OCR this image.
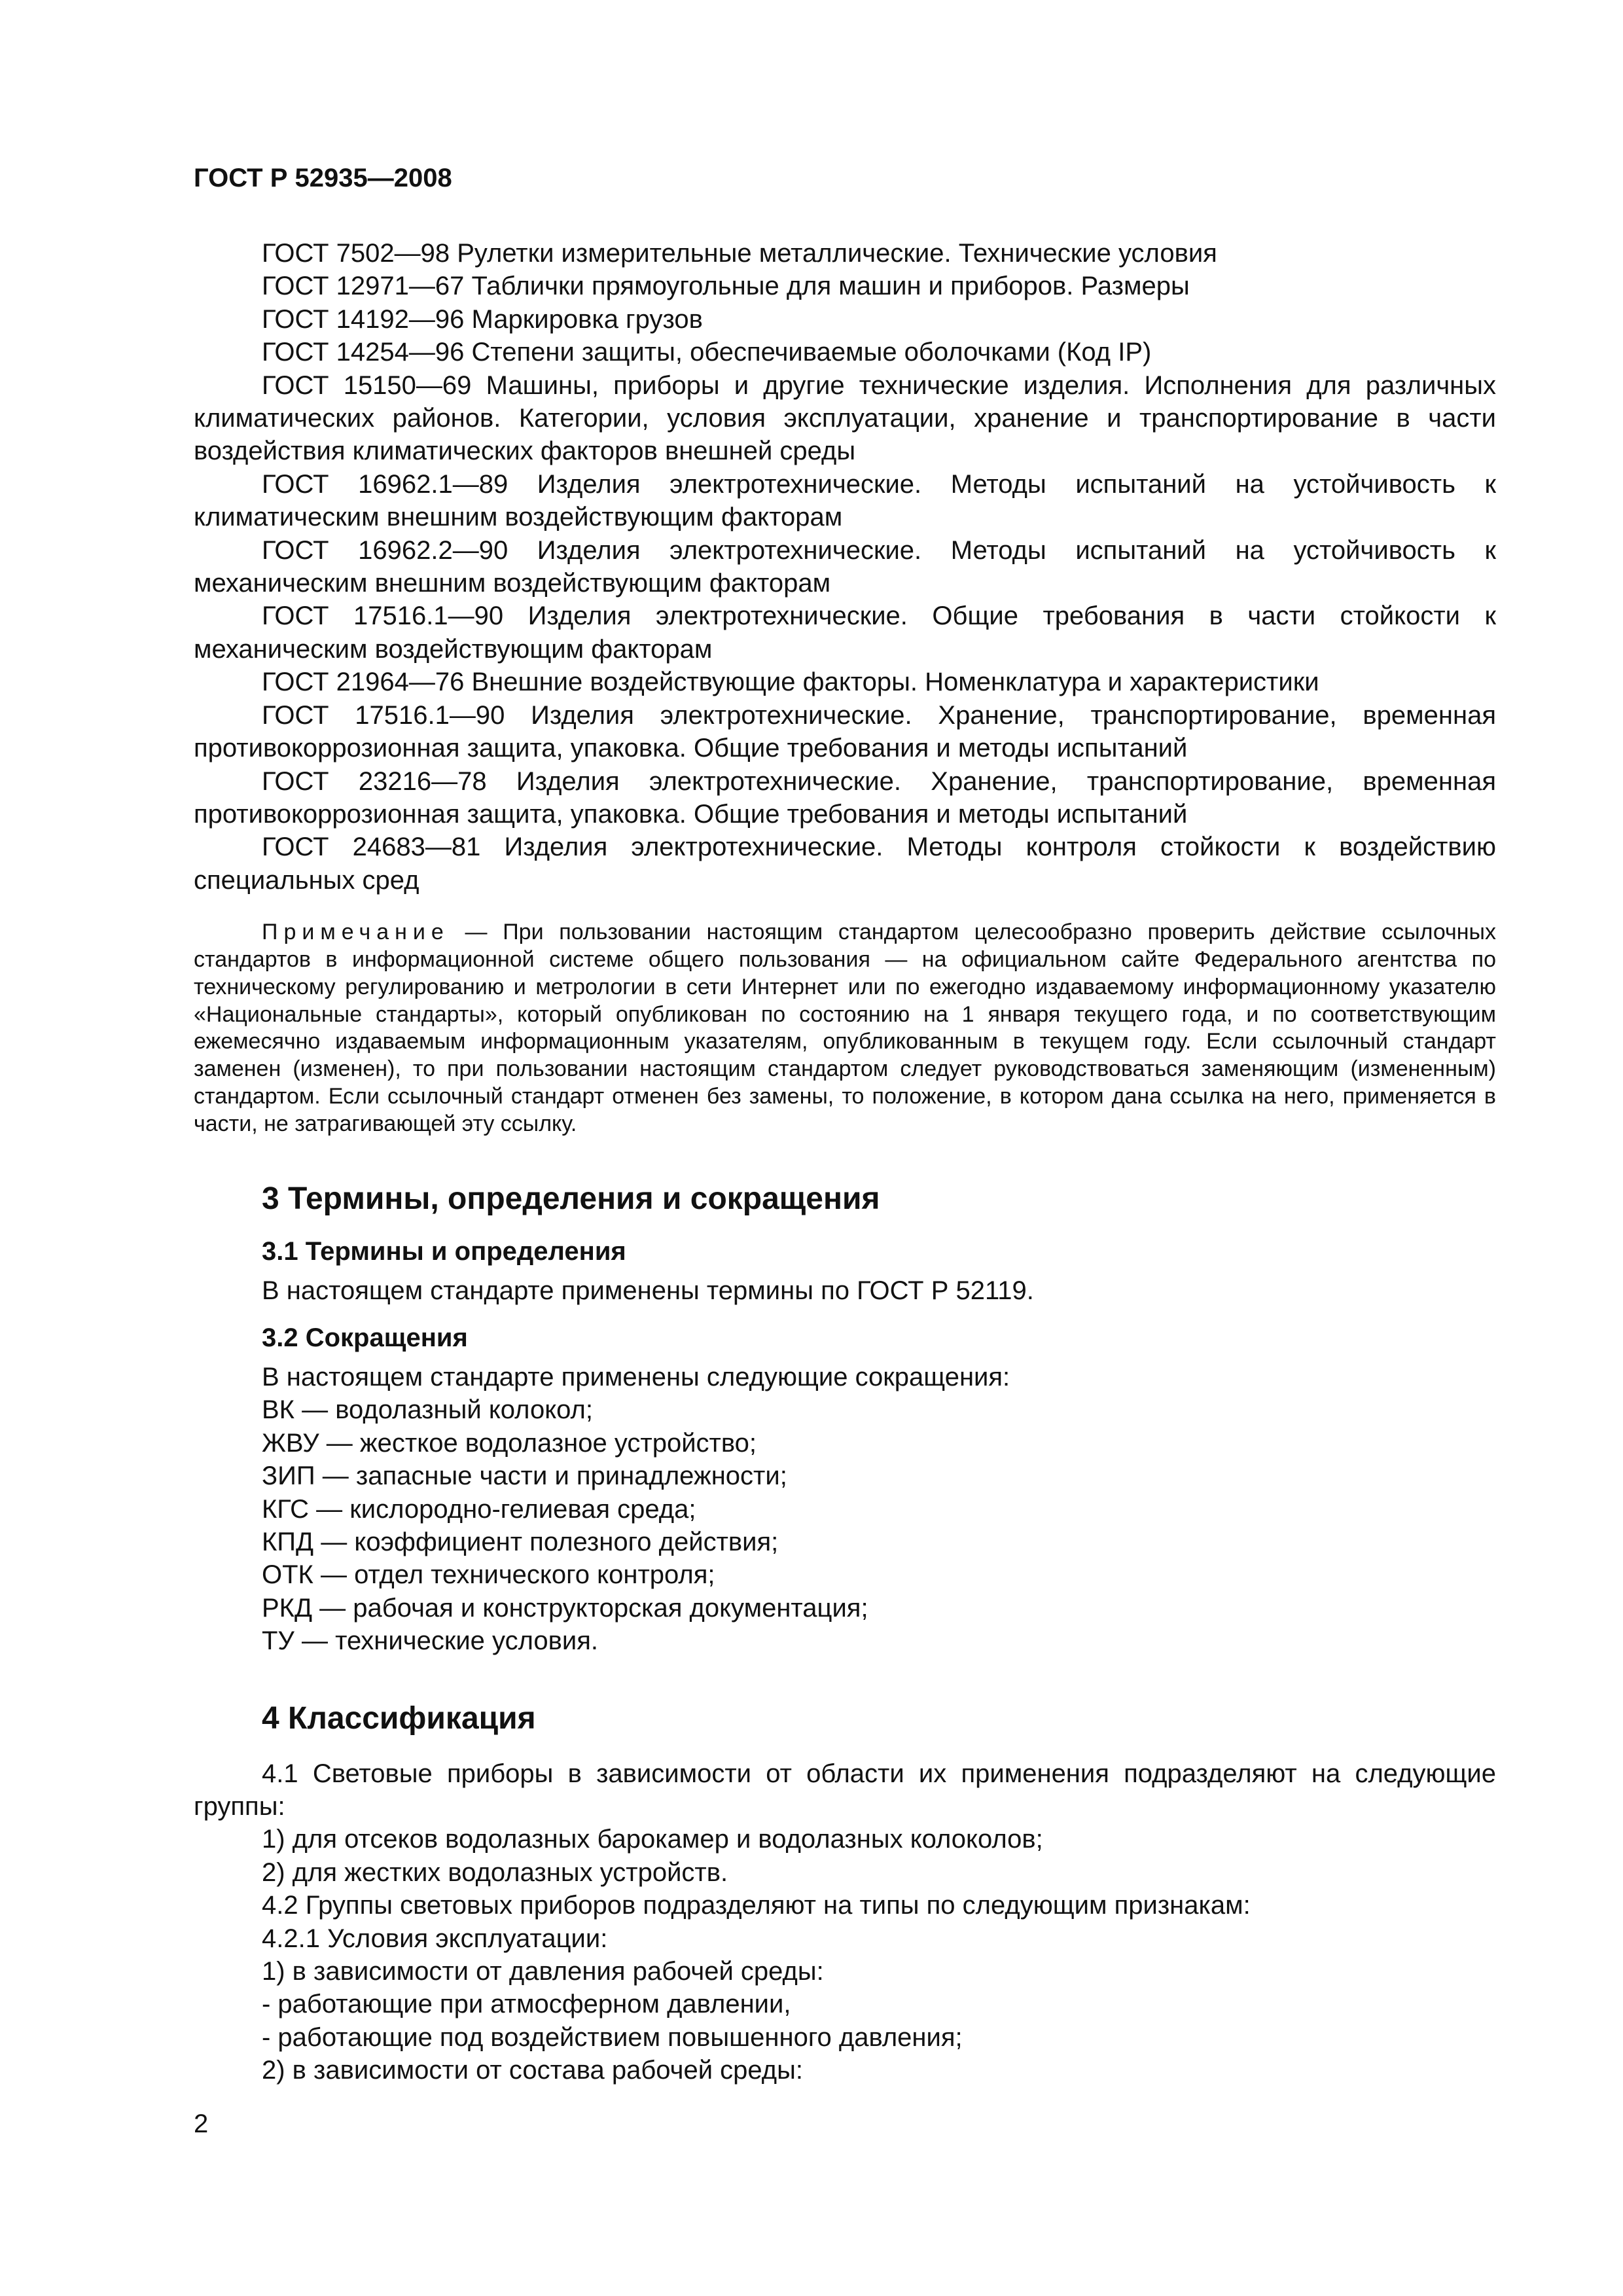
ГОСТ Р 52935—2008

ГОСТ 7502—98 Рулетки измерительные металлические. Технические условия

ГОСТ 12971—67 Таблички прямоугольные для машин и приборов. Размеры

ГОСТ 14192—96 Маркировка грузов

ГОСТ 14254—96 Степени защиты, обеспечиваемые оболочками (Код IP)

ГОСТ 15150—69 Машины, приборы и другие технические изделия. Исполнения для различных климатических районов. Категории, условия эксплуатации, хранение и транспортирование в части воздействия климатических факторов внешней среды

ГОСТ 16962.1—89 Изделия электротехнические. Методы испытаний на устойчивость к климатическим внешним воздействующим факторам

ГОСТ 16962.2—90 Изделия электротехнические. Методы испытаний на устойчивость к механическим внешним воздействующим факторам

ГОСТ 17516.1—90 Изделия электротехнические. Общие требования в части стойкости к механическим воздействующим факторам

ГОСТ 21964—76 Внешние воздействующие факторы. Номенклатура и характеристики

ГОСТ 17516.1—90 Изделия электротехнические. Хранение, транспортирование, временная противокоррозионная защита, упаковка. Общие требования и методы испытаний

ГОСТ 23216—78 Изделия электротехнические. Хранение, транспортирование, временная противокоррозионная защита, упаковка. Общие требования и методы испытаний

ГОСТ 24683—81 Изделия электротехнические. Методы контроля стойкости к воздействию специальных сред

Примечание — При пользовании настоящим стандартом целесообразно проверить действие ссылочных стандартов в информационной системе общего пользования — на официальном сайте Федерального агентства по техническому регулированию и метрологии в сети Интернет или по ежегодно издаваемому информационному указателю «Национальные стандарты», который опубликован по состоянию на 1 января текущего года, и по соответствующим ежемесячно издаваемым информационным указателям, опубликованным в текущем году. Если ссылочный стандарт заменен (изменен), то при пользовании настоящим стандартом следует руководствоваться заменяющим (измененным) стандартом. Если ссылочный стандарт отменен без замены, то положение, в котором дана ссылка на него, применяется в части, не затрагивающей эту ссылку.

3 Термины, определения и сокращения
3.1 Термины и определения

В настоящем стандарте применены термины по ГОСТ Р 52119.

3.2 Сокращения

В настоящем стандарте применены следующие сокращения:

ВК — водолазный колокол;

ЖВУ — жесткое водолазное устройство;

ЗИП — запасные части и принадлежности;

КГС — кислородно-гелиевая среда;

КПД — коэффициент полезного действия;

ОТК — отдел технического контроля;

РКД — рабочая и конструкторская документация;

ТУ — технические условия.

4 Классификация

4.1 Световые приборы в зависимости от области их применения подразделяют на следующие группы:

1) для отсеков водолазных барокамер и водолазных колоколов;

2) для жестких водолазных устройств.

4.2 Группы световых приборов подразделяют на типы по следующим признакам:

4.2.1 Условия эксплуатации:

1) в зависимости от давления рабочей среды:

- работающие при атмосферном давлении,

- работающие под воздействием повышенного давления;

2) в зависимости от состава рабочей среды:

2
